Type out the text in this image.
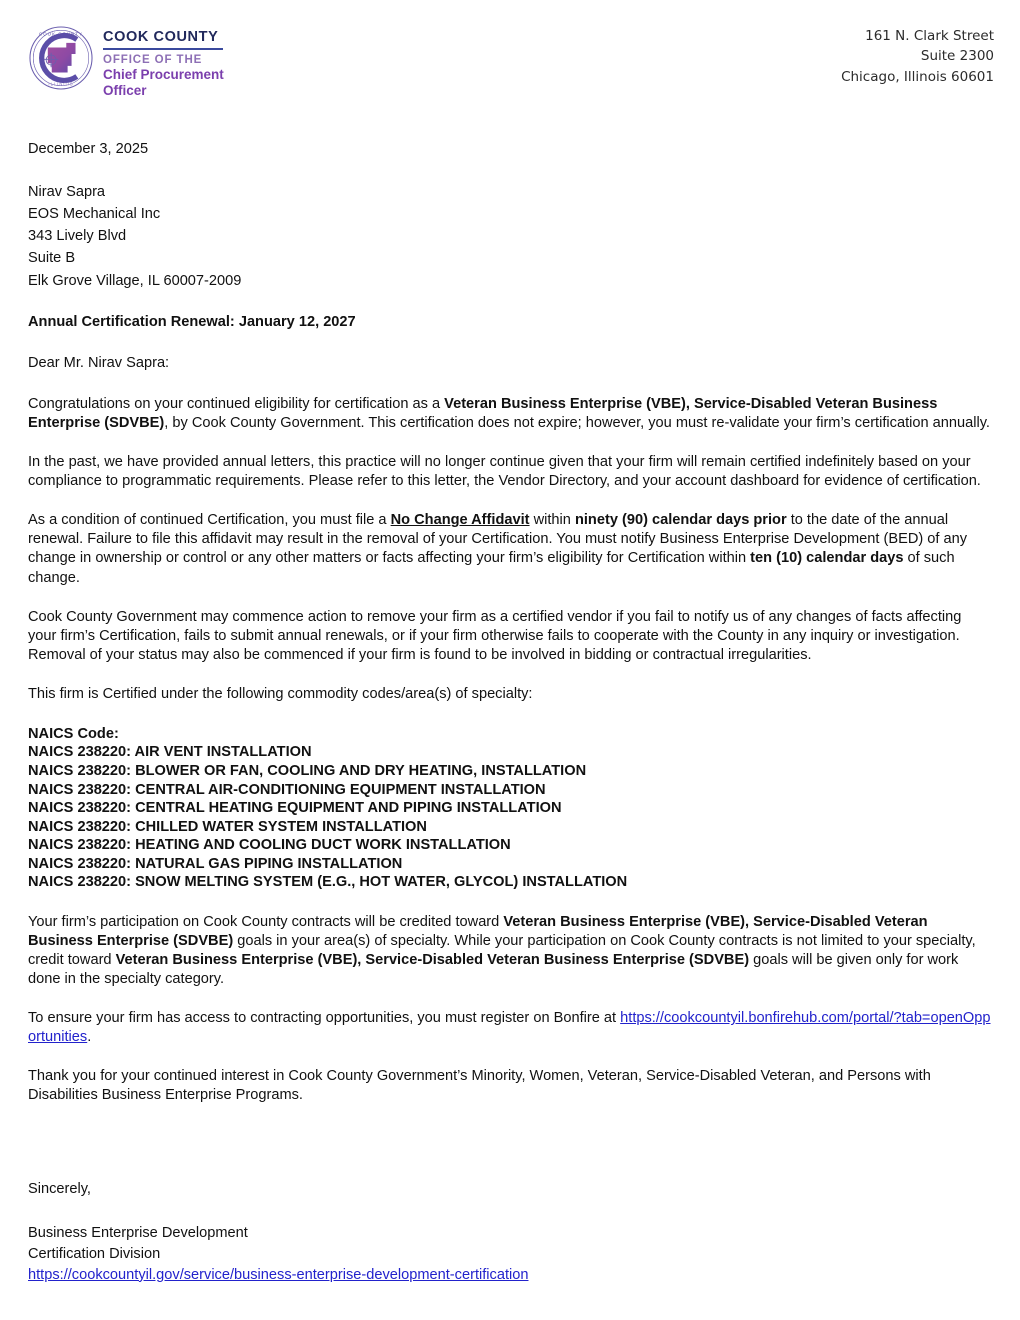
COOK COUNTY
ILLINOIS
COOK COUNTY
OFFICE OF THE
Chief Procurement Officer
161 N. Clark Street
Suite 2300
Chicago, Illinois 60601
December 3, 2025
Nirav Sapra
EOS Mechanical Inc
343 Lively Blvd
Suite B
Elk Grove Village, IL 60007-2009
Annual Certification Renewal: January 12, 2027
Dear Mr. Nirav Sapra:

Congratulations on your continued eligibility for certification as a Veteran Business Enterprise (VBE), Service-Disabled Veteran Business Enterprise (SDVBE), by Cook County Government. This certification does not expire; however, you must re-validate your firm’s certification annually.

In the past, we have provided annual letters, this practice will no longer continue given that your firm will remain certified indefinitely based on your compliance to programmatic requirements. Please refer to this letter, the Vendor Directory, and your account dashboard for evidence of certification.

As a condition of continued Certification, you must file a No Change Affidavit within ninety (90) calendar days prior to the date of the annual renewal. Failure to file this affidavit may result in the removal of your Certification. You must notify Business Enterprise Development (BED) of any change in ownership or control or any other matters or facts affecting your firm’s eligibility for Certification within ten (10) calendar days of such change.

Cook County Government may commence action to remove your firm as a certified vendor if you fail to notify us of any changes of facts affecting your firm’s Certification, fails to submit annual renewals, or if your firm otherwise fails to cooperate with the County in any inquiry or investigation. Removal of your status may also be commenced if your firm is found to be involved in bidding or contractual irregularities.

This firm is Certified under the following commodity codes/area(s) of specialty:
NAICS Code:
NAICS 238220: AIR VENT INSTALLATION
NAICS 238220: BLOWER OR FAN, COOLING AND DRY HEATING, INSTALLATION
NAICS 238220: CENTRAL AIR-CONDITIONING EQUIPMENT INSTALLATION
NAICS 238220: CENTRAL HEATING EQUIPMENT AND PIPING INSTALLATION
NAICS 238220: CHILLED WATER SYSTEM INSTALLATION
NAICS 238220: HEATING AND COOLING DUCT WORK INSTALLATION
NAICS 238220: NATURAL GAS PIPING INSTALLATION
NAICS 238220: SNOW MELTING SYSTEM (E.G., HOT WATER, GLYCOL) INSTALLATION

Your firm’s participation on Cook County contracts will be credited toward Veteran Business Enterprise (VBE), Service-Disabled Veteran Business Enterprise (SDVBE) goals in your area(s) of specialty. While your participation on Cook County contracts is not limited to your specialty, credit toward Veteran Business Enterprise (VBE), Service-Disabled Veteran Business Enterprise (SDVBE) goals will be given only for work done in the specialty category.

To ensure your firm has access to contracting opportunities, you must register on Bonfire at https://cookcountyil.bonfirehub.com/portal/?tab=openOpportunities.

Thank you for your continued interest in Cook County Government’s Minority, Women, Veteran, Service-Disabled Veteran, and Persons with Disabilities Business Enterprise Programs.

Sincerely,
Business Enterprise Development
Certification Division
https://cookcountyil.gov/service/business-enterprise-development-certification
